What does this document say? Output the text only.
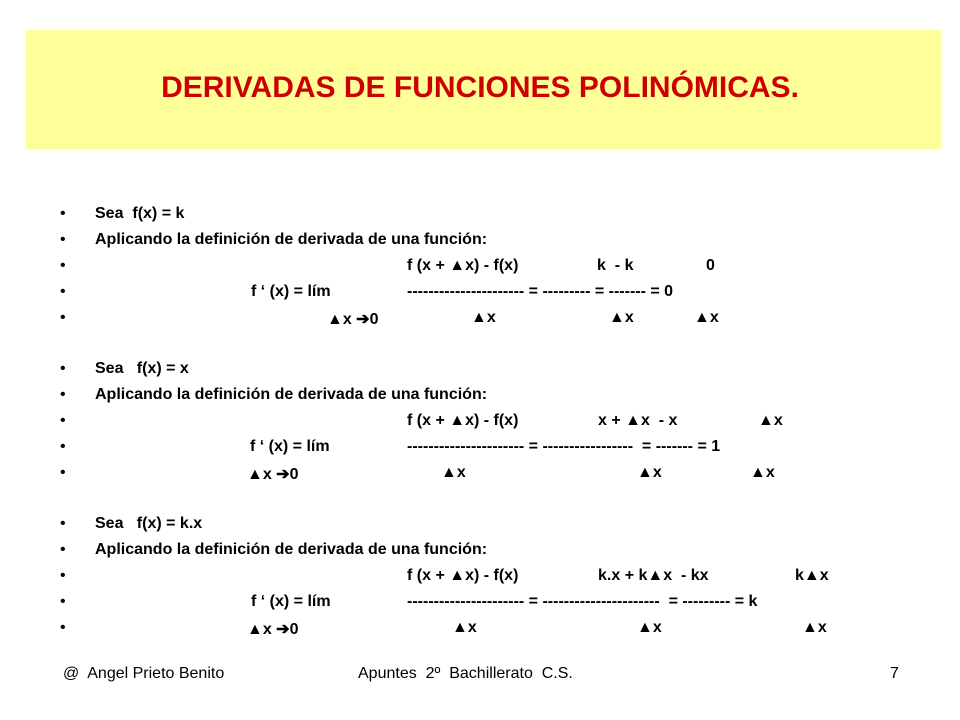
DERIVADAS DE FUNCIONES POLINÓMICAS.
• Sea  f(x) = k
• Aplicando la definición de derivada de una función:
•	f (x + ▲x) - f(x)	k  - k	0
•	f ‘ (x) = lím	---------------------- = --------- = ------- = 0
•	▲x ➔0	▲x	▲x	▲x
• Sea   f(x) = x
• Aplicando la definición de derivada de una función:
•	f (x + ▲x) - f(x)	x + ▲x  - x	▲x
•	f ‘ (x) = lím	---------------------- = -----------------  = ------- = 1
•	▲x ➔0	▲x	▲x	▲x
• Sea   f(x) = k.x
• Aplicando la definición de derivada de una función:
•	f (x + ▲x) - f(x)	k.x + k▲x  - kx	k▲x
•	f ‘ (x) = lím	---------------------- = ----------------------  = --------- = k
•	▲x ➔0	▲x	▲x	▲x
@  Angel Prieto Benito	Apuntes  2º  Bachillerato  C.S.	7
